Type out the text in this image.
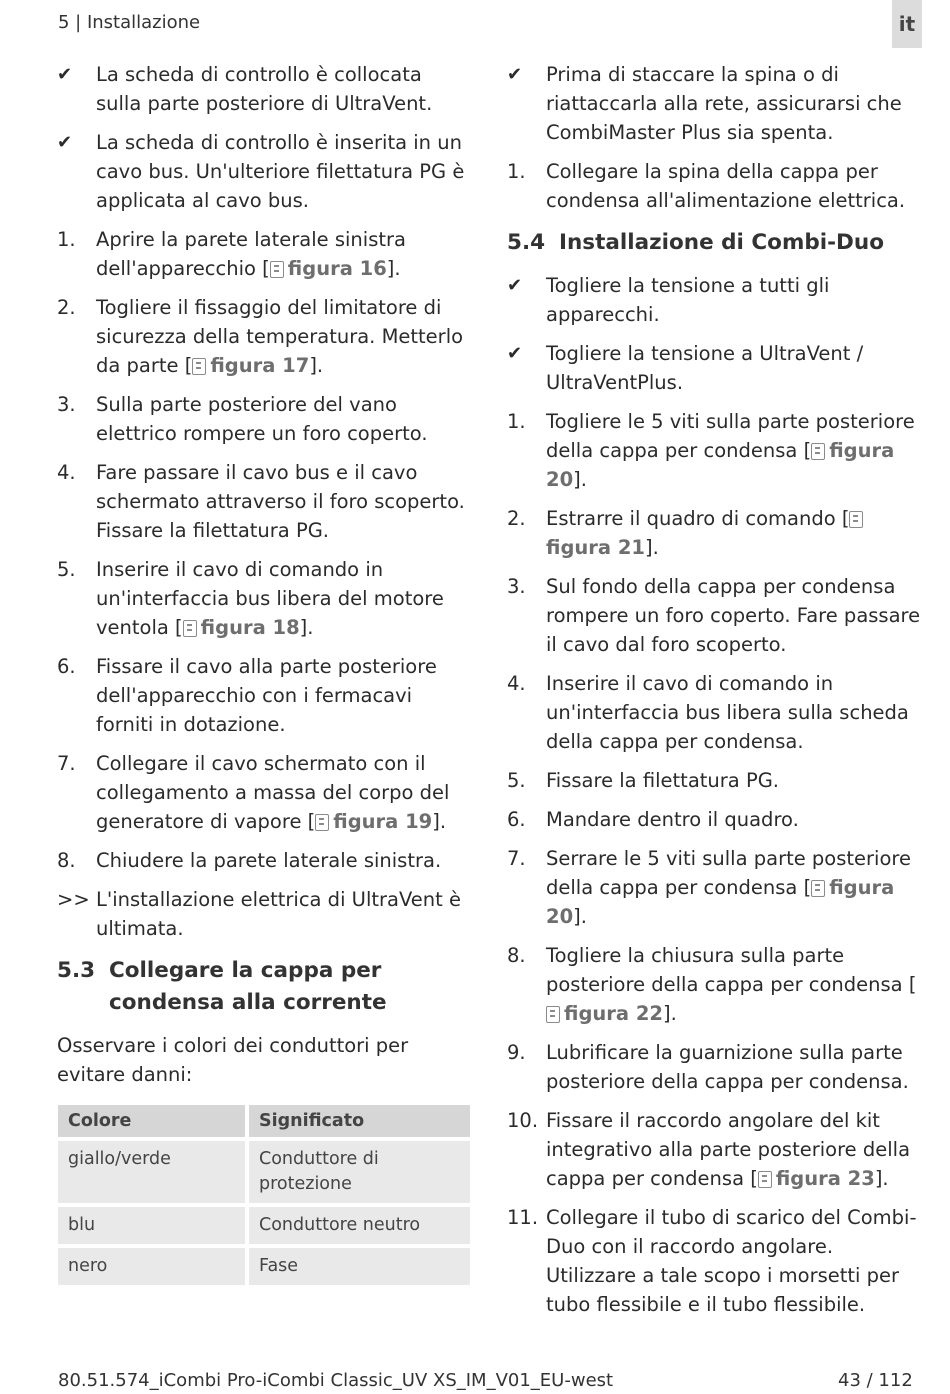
5 | Installazione	it
✔	La scheda di controllo è collocata sulla parte posteriore di UltraVent.
✔	La scheda di controllo è inserita in un cavo bus. Un'ulteriore filettatura PG è applicata al cavo bus.
1.	Aprire la parete laterale sinistra dell'apparecchio [ figura 16].
2.	Togliere il fissaggio del limitatore di sicurezza della temperatura. Metterlo da parte [ figura 17].
3.	Sulla parte posteriore del vano elettrico rompere un foro coperto.
4.	Fare passare il cavo bus e il cavo schermato attraverso il foro scoperto. Fissare la filettatura PG.
5.	Inserire il cavo di comando in un'interfaccia bus libera del motore ventola [ figura 18].
6.	Fissare il cavo alla parte posteriore dell'apparecchio con i fermacavi forniti in dotazione.
7.	Collegare il cavo schermato con il collegamento a massa del corpo del generatore di vapore [ figura 19].
8.	Chiudere la parete laterale sinistra.
>> L'installazione elettrica di UltraVent è ultimata.
5.3 Collegare la cappa per condensa alla corrente
Osservare i colori dei conduttori per evitare danni:
Colore	Significato
giallo/verde	Conduttore di protezione
blu	Conduttore neutro
nero	Fase
✔	Prima di staccare la spina o di riattaccarla alla rete, assicurarsi che CombiMaster Plus sia spenta.
1.	Collegare la spina della cappa per condensa all'alimentazione elettrica.
5.4 Installazione di Combi-Duo
✔	Togliere la tensione a tutti gli apparecchi.
✔	Togliere la tensione a UltraVent / UltraVentPlus.
1.	Togliere le 5 viti sulla parte posteriore della cappa per condensa [ figura 20].
2.	Estrarre il quadro di comando [figura 21].
3.	Sul fondo della cappa per condensa rompere un foro coperto. Fare passare il cavo dal foro scoperto.
4.	Inserire il cavo di comando in un'interfaccia bus libera sulla scheda della cappa per condensa.
5.	Fissare la filettatura PG.
6.	Mandare dentro il quadro.
7.	Serrare le 5 viti sulla parte posteriore della cappa per condensa [ figura 20].
8.	Togliere la chiusura sulla parte posteriore della cappa per condensa [figura 22].
9.	Lubrificare la guarnizione sulla parte posteriore della cappa per condensa.
10. Fissare il raccordo angolare del kit integrativo alla parte posteriore della cappa per condensa [ figura 23].
11. Collegare il tubo di scarico del Combi-Duo con il raccordo angolare. Utilizzare a tale scopo i morsetti per tubo flessibile e il tubo flessibile.
80.51.574_iCombi Pro-iCombi Classic_UV XS_IM_V01_EU-west	43 / 112
